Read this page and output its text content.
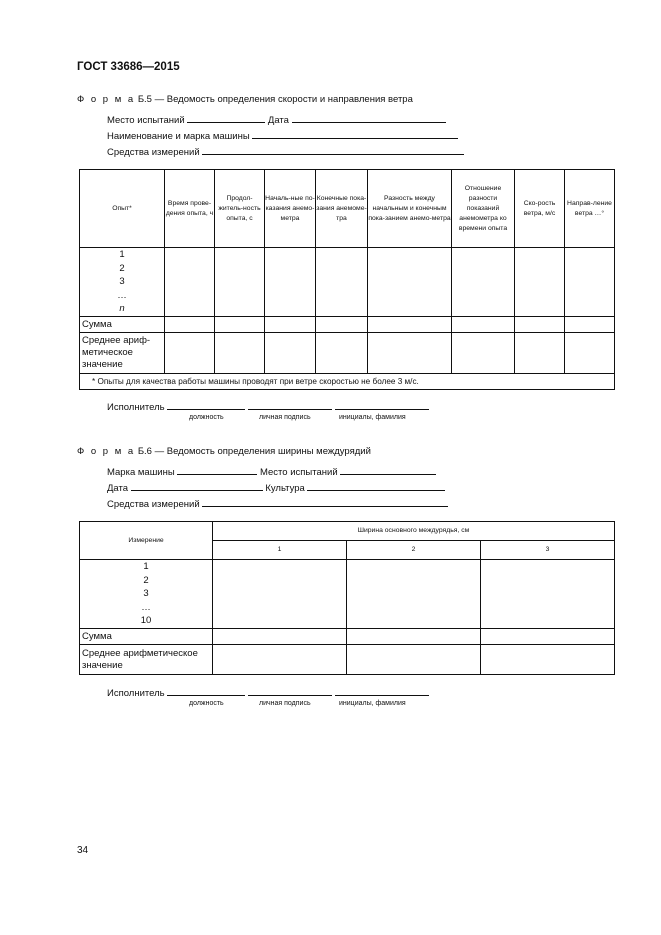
ГОСТ 33686—2015
Ф о р м а Б.5 — Ведомость определения скорости и направления ветра
Место испытаний	Дата
Наименование и марка машины
Средства измерений
Опыт*	Время прове-дения опыта, ч	Продол-житель-ность опыта, с	Началь-ные по-казания анемо-метра	Конечные пока-зания анемоме-тра	Разность между начальным и конечным пока-занием анемо-метра	Отношение разности показаний анемометра ко времени опыта	Ско-рость ветра, м/с	Направ-ление ветра …°

1
2
3
…
n								

Сумма								
Среднее ариф-метическое значение								
* Опыты для качества работы машины проводят при ветре скоростью не более 3 м/с.								
Исполнитель
должность	личная подпись	инициалы, фамилия
Ф о р м а Б.6 — Ведомость определения ширины междурядий
Марка машины	Место испытаний
Дата	Культура
Средства измерений
Измерение	Ширина основного междурядья, см		
	1	2	3

1
2
3
…
10			

Сумма			
Среднее арифметическое значение			
Исполнитель
должность	личная подпись	инициалы, фамилия
34
